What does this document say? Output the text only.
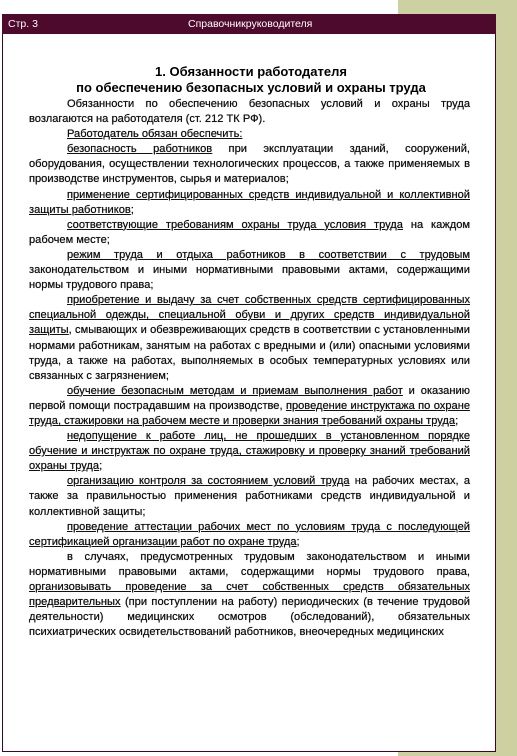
Стр. 3	Справочникруководителя
1. Обязанности работодателя
по обеспечению безопасных условий и охраны труда

Обязанности по обеспечению безопасных условий и охраны труда возлагаются на работодателя (ст. 212 ТК РФ).

Работодатель обязан обеспечить:

безопасность работников при эксплуатации зданий, сооружений, оборудования, осуществлении технологических процессов, а также применяемых в производстве инструментов, сырья и материалов;

применение сертифицированных средств индивидуальной и коллективной защиты работников;

соответствующие требованиям охраны труда условия труда на каждом рабочем месте;

режим труда и отдыха работников в соответствии с трудовым законодательством и иными нормативными правовыми актами, содержащими нормы трудового права;

приобретение и выдачу за счет собственных средств сертифицированных специальной одежды, специальной обуви и других средств индивидуальной защиты, смывающих и обезвреживающих средств в соответствии с установленными нормами работникам, занятым на работах с вредными и (или) опасными условиями труда, а также на работах, выполняемых в особых температурных условиях или связанных с загрязнением;

обучение безопасным методам и приемам выполнения работ и оказанию первой помощи пострадавшим на производстве, проведение инструктажа по охране труда, стажировки на рабочем месте и проверки знания требований охраны труда;

недопущение к работе лиц, не прошедших в установленном порядке обучение и инструктаж по охране труда, стажировку и проверку знаний требований охраны труда;

организацию контроля за состоянием условий труда на рабочих местах, а также за правильностью применения работниками средств индивидуальной и коллективной защиты;

проведение аттестации рабочих мест по условиям труда с последующей сертификацией организации работ по охране труда;

в случаях, предусмотренных трудовым законодательством и иными нормативными правовыми актами, содержащими нормы трудового права, организовывать проведение за счет собственных средств обязательных предварительных (при поступлении на работу) периодических (в течение трудовой деятельности) медицинских осмотров (обследований), обязательных психиатрических освидетельствований работников, внеочередных медицинских
